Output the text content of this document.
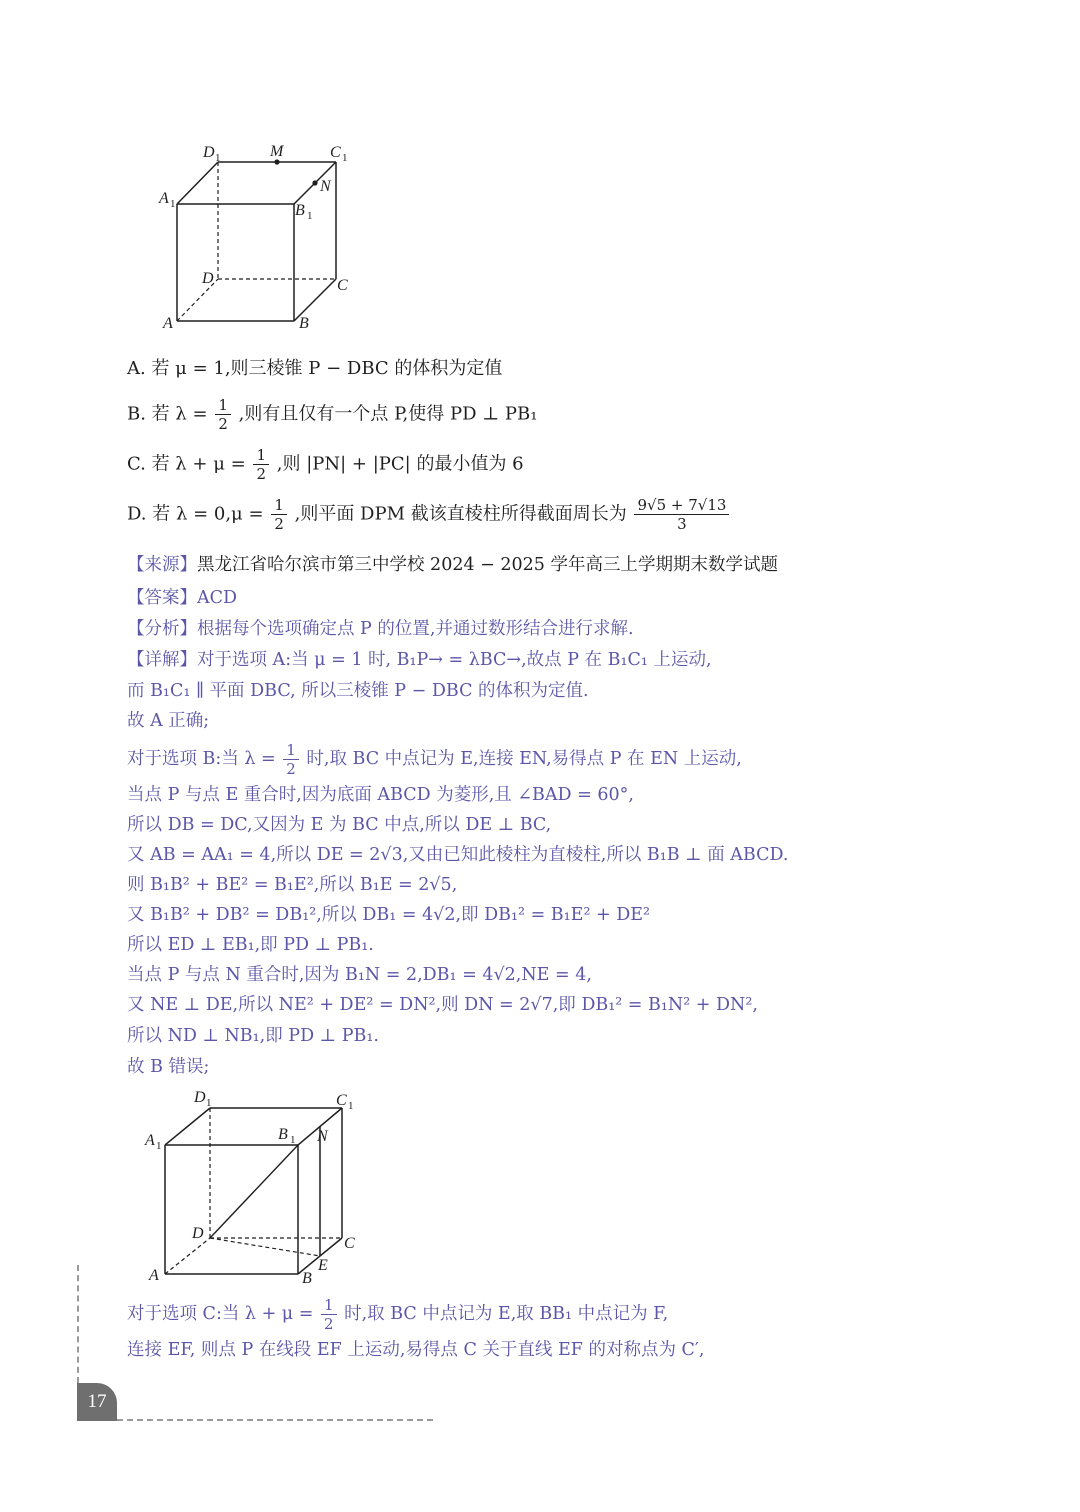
D 1	M	C 1
N
A 1	B 1
D	C
A	B
A. 若 μ = 1,则三棱锥 P − DBC 的体积为定值
B. 若 $\lambda = \frac{1}{2}$ ,则有且仅有一个点 P,使得 PD ⊥ PB₁
C. 若 $\lambda + \mu = \frac{1}{2}$ ,则 |PN| + |PC| 的最小值为 6
D. 若 $\lambda = 0,\mu = \frac{1}{2}$ ,则平面 DPM 截该直棱柱所得截面周长为 $\frac{9√5 + 7√13}{3}$
【来源】黑龙江省哈尔滨市第三中学校 2024 − 2025 学年高三上学期期末数学试题
【答案】ACD
【分析】根据每个选项确定点 P 的位置,并通过数形结合进行求解.
【详解】对于选项 A:当 μ = 1 时, B₁P→ = λBC→,故点 P 在 B₁C₁ 上运动,
而 B₁C₁ ∥ 平面 DBC, 所以三棱锥 P − DBC 的体积为定值.
故 A 正确;
对于选项 B:当 $\lambda = \frac{1}{2}$ 时,取 BC 中点记为 E,连接 EN,易得点 P 在 EN 上运动,
当点 P 与点 E 重合时,因为底面 ABCD 为菱形,且 ∠BAD = 60°,
所以 DB = DC,又因为 E 为 BC 中点,所以 DE ⊥ BC,
又 AB = AA₁ = 4,所以 DE = 2√3,又由已知此棱柱为直棱柱,所以 B₁B ⊥ 面 ABCD.
则 B₁B² + BE² = B₁E²,所以 B₁E = 2√5,
又 B₁B² + DB² = DB₁²,所以 DB₁ = 4√2,即 DB₁² = B₁E² + DE²
所以 ED ⊥ EB₁,即 PD ⊥ PB₁.
当点 P 与点 N 重合时,因为 B₁N = 2,DB₁ = 4√2,NE = 4,
又 NE ⊥ DE,所以 NE² + DE² = DN²,则 DN = 2√7,即 DB₁² = B₁N² + DN²,
所以 ND ⊥ NB₁,即 PD ⊥ PB₁.
故 B 错误;
D 1	C 1
A 1
B 1 N
D
C
A	B
E
对于选项 C:当 $\lambda + \mu = \frac{1}{2}$ 时,取 BC 中点记为 E,取 BB₁ 中点记为 F,
连接 EF, 则点 P 在线段 EF 上运动,易得点 C 关于直线 EF 的对称点为 C′,
17
